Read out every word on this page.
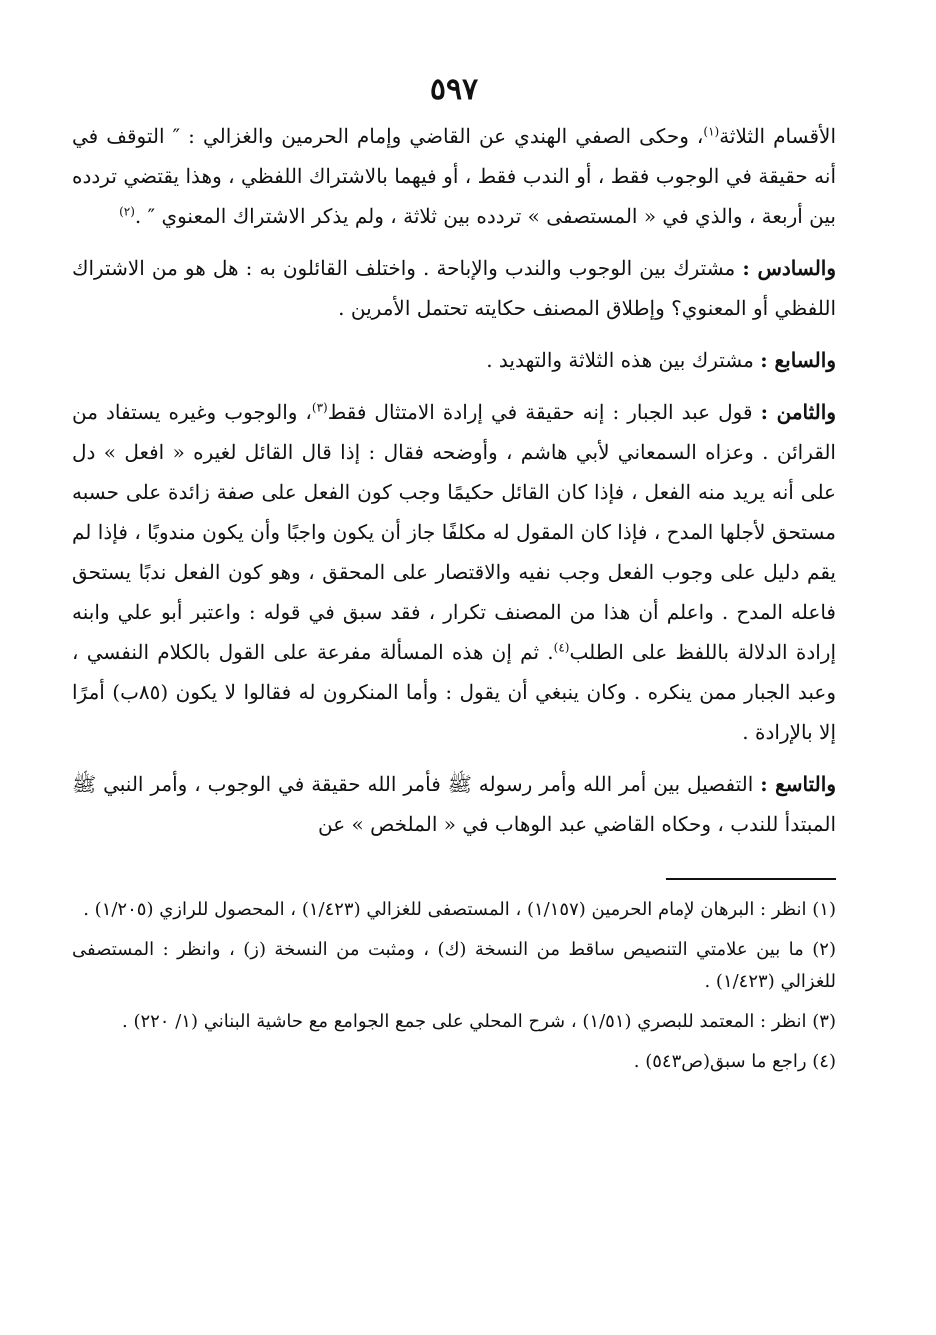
٥٩٧

الأقسام الثلاثة$^{(١)}$، وحكى الصفي الهندي عن القاضي وإمام الحرمين والغزالي : ″ التوقف في أنه حقيقة في الوجوب فقط ، أو الندب فقط ، أو فيهما بالاشتراك اللفظي ، وهذا يقتضي تردده بين أربعة ، والذي في « المستصفى » تردده بين ثلاثة ، ولم يذكر الاشتراك المعنوي ″ .$^{(٢)}$

والسادس : مشترك بين الوجوب والندب والإباحة . واختلف القائلون به : هل هو من الاشتراك اللفظي أو المعنوي؟ وإطلاق المصنف حكايته تحتمل الأمرين .

والسابع : مشترك بين هذه الثلاثة والتهديد .

والثامن : قول عبد الجبار : إنه حقيقة في إرادة الامتثال فقط$^{(٣)}$، والوجوب وغيره يستفاد من القرائن . وعزاه السمعاني لأبي هاشم ، وأوضحه فقال : إذا قال القائل لغيره « افعل » دل على أنه يريد منه الفعل ، فإذا كان القائل حكيمًا وجب كون الفعل على صفة زائدة على حسبه مستحق لأجلها المدح ، فإذا كان المقول له مكلفًا جاز أن يكون واجبًا وأن يكون مندوبًا ، فإذا لم يقم دليل على وجوب الفعل وجب نفيه والاقتصار على المحقق ، وهو كون الفعل ندبًا يستحق فاعله المدح . واعلم أن هذا من المصنف تكرار ، فقد سبق في قوله : واعتبر أبو علي وابنه إرادة الدلالة باللفظ على الطلب$^{(٤)}$. ثم إن هذه المسألة مفرعة على القول بالكلام النفسي ، وعبد الجبار ممن ينكره . وكان ينبغي أن يقول : وأما المنكرون له فقالوا لا يكون (٨٥ب) أمرًا إلا بالإرادة .

والتاسع : التفصيل بين أمر الله وأمر رسوله ﷺ فأمر الله حقيقة في الوجوب ، وأمر النبي ﷺ المبتدأ للندب ، وحكاه القاضي عبد الوهاب في « الملخص » عن

(١) انظر : البرهان لإمام الحرمين (١/١٥٧) ، المستصفى للغزالي (١/٤٢٣) ، المحصول للرازي (١/٢٠٥) .

(٢) ما بين علامتي التنصيص ساقط من النسخة (ك) ، ومثبت من النسخة (ز) ، وانظر : المستصفى للغزالي (١/٤٢٣) .

(٣) انظر : المعتمد للبصري (١/٥١) ، شرح المحلي على جمع الجوامع مع حاشية البناني (١/ ٢٢٠) .

(٤) راجع ما سبق(ص٥٤٣) .
